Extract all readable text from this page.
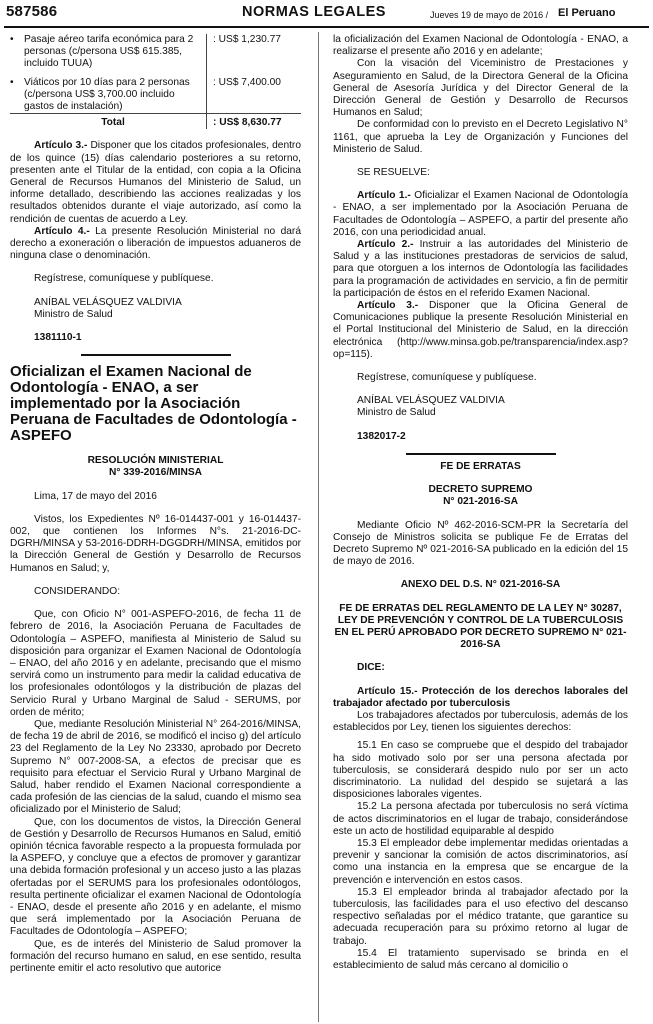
587586	NORMAS LEGALES	Jueves 19 de mayo de 2016 / El Peruano
•	Pasaje aéreo tarifa económica para 2 personas (c/persona US$ 615.385, incluido TUUA)	: US$ 1,230.77

•	Viáticos por 10 días para 2 personas (c/persona US$ 3,700.00 incluido gastos de instalación)	: US$ 7,400.00
	Total	: US$ 8,630.77

Artículo 3.- Disponer que los citados profesionales, dentro de los quince (15) días calendario posteriores a su retorno, presenten ante el Titular de la entidad, con copia a la Oficina General de Recursos Humanos del Ministerio de Salud, un informe detallado, describiendo las acciones realizadas y los resultados obtenidos durante el viaje autorizado, así como la rendición de cuentas de acuerdo a Ley.

Artículo 4.- La presente Resolución Ministerial no dará derecho a exoneración o liberación de impuestos aduaneros de ninguna clase o denominación.

Regístrese, comuníquese y publíquese.

ANÍBAL VELÁSQUEZ VALDIVIA

Ministro de Salud

1381110-1

Oficializan el Examen Nacional de Odontología - ENAO, a ser implementado por la Asociación Peruana de Facultades de Odontología - ASPEFO

RESOLUCIÓN MINISTERIAL

N° 339-2016/MINSA

Lima, 17 de mayo del 2016

Vistos, los Expedientes Nº 16-014437-001 y 16-014437-002, que contienen los Informes N°s. 21-2016-DC-DGRH/MINSA y 53-2016-DDRH-DGGDRH/MINSA, emitidos por la Dirección General de Gestión y Desarrollo de Recursos Humanos en Salud; y,

CONSIDERANDO:

Que, con Oficio N° 001-ASPEFO-2016, de fecha 11 de febrero de 2016, la Asociación Peruana de Facultades de Odontología – ASPEFO, manifiesta al Ministerio de Salud su disposición para organizar el Examen Nacional de Odontología – ENAO, del año 2016 y en adelante, precisando que el mismo servirá como un instrumento para medir la calidad educativa de los profesionales odontólogos y la distribución de plazas del Servicio Rural y Urbano Marginal de Salud - SERUMS, por orden de mérito;

Que, mediante Resolución Ministerial N° 264-2016/MINSA, de fecha 19 de abril de 2016, se modificó el inciso g) del artículo 23 del Reglamento de la Ley No 23330, aprobado por Decreto Supremo N° 007-2008-SA, a efectos de precisar que es requisito para efectuar el Servicio Rural y Urbano Marginal de Salud, haber rendido el Examen Nacional correspondiente a cada profesión de las ciencias de la salud, cuando el mismo sea oficializado por el Ministerio de Salud;

Que, con los documentos de vistos, la Dirección General de Gestión y Desarrollo de Recursos Humanos en Salud, emitió opinión técnica favorable respecto a la propuesta formulada por la ASPEFO, y concluye que a efectos de promover y garantizar una debida formación profesional y un acceso justo a las plazas ofertadas por el SERUMS para los profesionales odontólogos, resulta pertinente oficializar el examen Nacional de Odontología - ENAO, desde el presente año 2016 y en adelante, el mismo que será implementado por la Asociación Peruana de Facultades de Odontología – ASPEFO;

Que, es de interés del Ministerio de Salud promover la formación del recurso humano en salud, en ese sentido, resulta pertinente emitir el acto resolutivo que autorice

la oficialización del Examen Nacional de Odontología - ENAO, a realizarse el presente año 2016 y en adelante;

Con la visación del Viceministro de Prestaciones y Aseguramiento en Salud, de la Directora General de la Oficina General de Asesoría Jurídica y del Director General de la Dirección General de Gestión y Desarrollo de Recursos Humanos en Salud;

De conformidad con lo previsto en el Decreto Legislativo N° 1161, que aprueba la Ley de Organización y Funciones del Ministerio de Salud.

SE RESUELVE:

Artículo 1.- Oficializar el Examen Nacional de Odontología - ENAO, a ser implementado por la Asociación Peruana de Facultades de Odontología – ASPEFO, a partir del presente año 2016, con una periodicidad anual.

Artículo 2.- Instruir a las autoridades del Ministerio de Salud y a las instituciones prestadoras de servicios de salud, para que otorguen a los internos de Odontología las facilidades para la programación de actividades en servicio, a fin de permitir la participación de éstos en el referido Examen Nacional.

Artículo 3.- Disponer que la Oficina General de Comunicaciones publique la presente Resolución Ministerial en el Portal Institucional del Ministerio de Salud, en la dirección electrónica (http://www.minsa.gob.pe/transparencia/index.asp?op=115).

Regístrese, comuníquese y publíquese.

ANÍBAL VELÁSQUEZ VALDIVIA

Ministro de Salud

1382017-2

FE DE ERRATAS

DECRETO SUPREMO

N° 021-2016-SA

Mediante Oficio Nº 462-2016-SCM-PR la Secretaría del Consejo de Ministros solicita se publique Fe de Erratas del Decreto Supremo Nº 021-2016-SA publicado en la edición del 15 de mayo de 2016.

ANEXO DEL D.S. N° 021-2016-SA

FE DE ERRATAS DEL REGLAMENTO DE LA LEY N° 30287, LEY DE PREVENCIÓN Y CONTROL DE LA TUBERCULOSIS EN EL PERÚ APROBADO POR DECRETO SUPREMO N° 021-2016-SA

DICE:

Artículo 15.- Protección de los derechos laborales del trabajador afectado por tuberculosis

Los trabajadores afectados por tuberculosis, además de los establecidos por Ley, tienen los siguientes derechos:

15.1 En caso se compruebe que el despido del trabajador ha sido motivado solo por ser una persona afectada por tuberculosis, se considerará despido nulo por ser un acto discriminatorio. La nulidad del despido se sujetará a las disposiciones laborales vigentes.

15.2 La persona afectada por tuberculosis no será víctima de actos discriminatorios en el lugar de trabajo, considerándose este un acto de hostilidad equiparable al despido

15.3 El empleador debe implementar medidas orientadas a prevenir y sancionar la comisión de actos discriminatorios, así como una instancia en la empresa que se encargue de la prevención e intervención en estos casos.

15.3 El empleador brinda al trabajador afectado por la tuberculosis, las facilidades para el uso efectivo del descanso respectivo señaladas por el médico tratante, que garantice su adecuada recuperación para su próximo retorno al lugar de trabajo.

15.4 El tratamiento supervisado se brinda en el establecimiento de salud más cercano al domicilio o
